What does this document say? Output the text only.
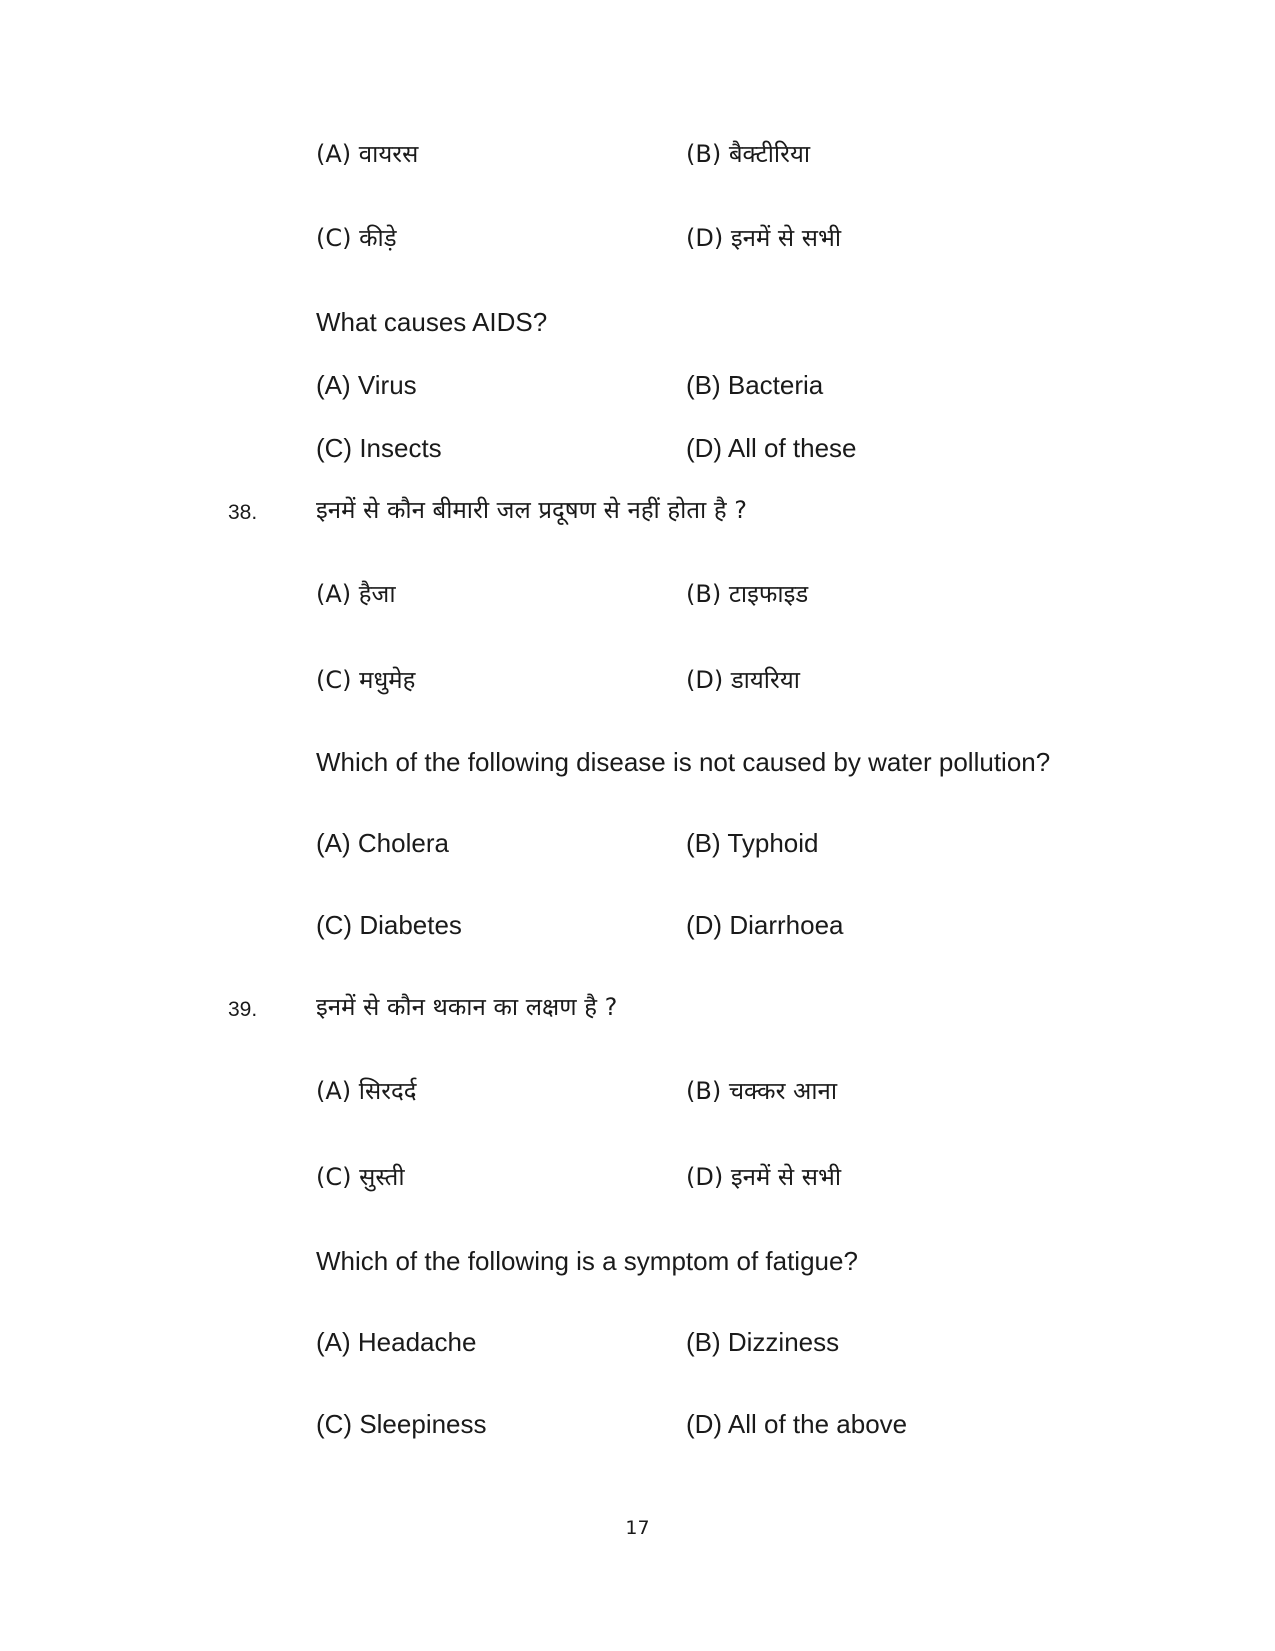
(A) वायरस	(B) बैक्टीरिया
(C) कीड़े	(D) इनमें से सभी
What causes AIDS?
(A) Virus	(B) Bacteria
(C) Insects	(D) All of these
38. इनमें से कौन बीमारी जल प्रदूषण से नहीं होता है ?
(A) हैजा	(B) टाइफाइड
(C) मधुमेह	(D) डायरिया
Which of the following disease is not caused by water pollution?
(A) Cholera	(B) Typhoid
(C) Diabetes	(D) Diarrhoea
39. इनमें से कौन थकान का लक्षण है ?
(A) सिरदर्द	(B) चक्कर आना
(C) सुस्ती	(D) इनमें से सभी
Which of the following is a symptom of fatigue?
(A) Headache	(B) Dizziness
(C) Sleepiness	(D) All of the above
17
